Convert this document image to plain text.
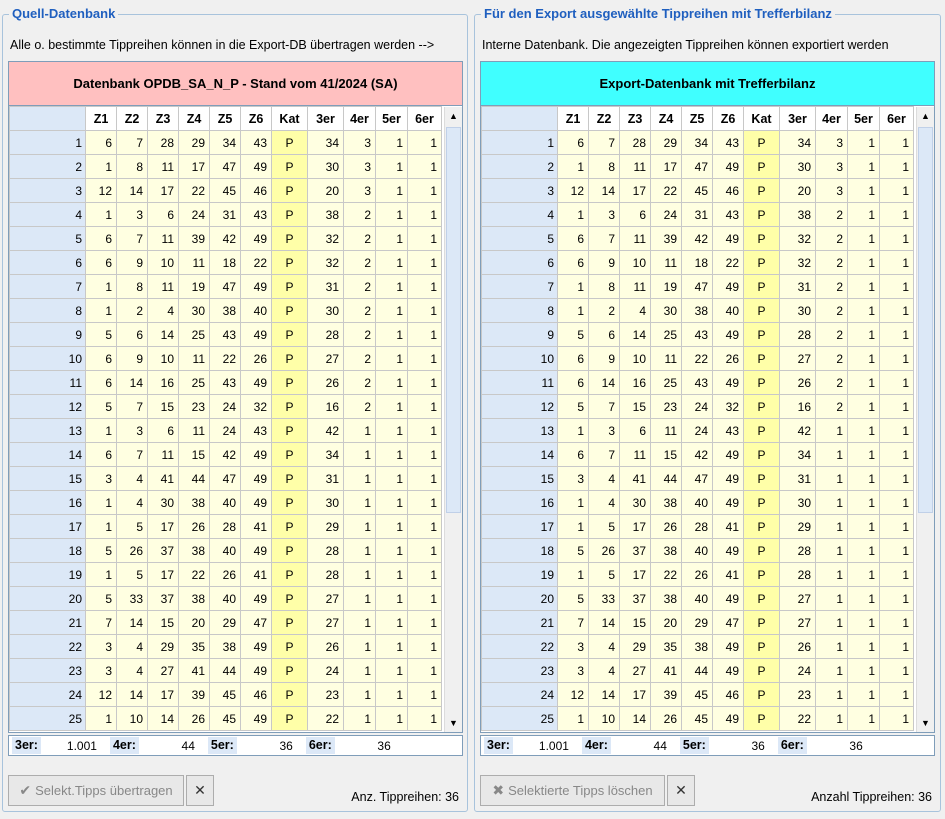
Quell-Datenbank
Alle o. bestimmte Tippreihen können in die Export-DB übertragen werden -->
Datenbank OPDB_SA_N_P - Stand vom 41/2024 (SA)
	Z1	Z2	Z3	Z4	Z5	Z6	Kat	3er	4er	5er	6er
1	6	7	28	29	34	43	P	34	3	1	1
2	1	8	11	17	47	49	P	30	3	1	1
3	12	14	17	22	45	46	P	20	3	1	1
4	1	3	6	24	31	43	P	38	2	1	1
5	6	7	11	39	42	49	P	32	2	1	1
6	6	9	10	11	18	22	P	32	2	1	1
7	1	8	11	19	47	49	P	31	2	1	1
8	1	2	4	30	38	40	P	30	2	1	1
9	5	6	14	25	43	49	P	28	2	1	1
10	6	9	10	11	22	26	P	27	2	1	1
11	6	14	16	25	43	49	P	26	2	1	1
12	5	7	15	23	24	32	P	16	2	1	1
13	1	3	6	11	24	43	P	42	1	1	1
14	6	7	11	15	42	49	P	34	1	1	1
15	3	4	41	44	47	49	P	31	1	1	1
16	1	4	30	38	40	49	P	30	1	1	1
17	1	5	17	26	28	41	P	29	1	1	1
18	5	26	37	38	40	49	P	28	1	1	1
19	1	5	17	22	26	41	P	28	1	1	1
20	5	33	37	38	40	49	P	27	1	1	1
21	7	14	15	20	29	47	P	27	1	1	1
22	3	4	29	35	38	49	P	26	1	1	1
23	3	4	27	41	44	49	P	24	1	1	1
24	12	14	17	39	45	46	P	23	1	1	1
25	1	10	14	26	45	49	P	22	1	1	1
▲
▼
3er:	1.001	4er:	44	5er:	36	6er:	36
✔ Selekt.Tipps übertragen ✕	Anz. Tippreihen: 36
Für den Export ausgewählte Tippreihen mit Trefferbilanz
Interne Datenbank. Die angezeigten Tippreihen können exportiert werden
Export-Datenbank mit Trefferbilanz
	Z1	Z2	Z3	Z4	Z5	Z6	Kat	3er	4er	5er	6er
1	6	7	28	29	34	43	P	34	3	1	1
2	1	8	11	17	47	49	P	30	3	1	1
3	12	14	17	22	45	46	P	20	3	1	1
4	1	3	6	24	31	43	P	38	2	1	1
5	6	7	11	39	42	49	P	32	2	1	1
6	6	9	10	11	18	22	P	32	2	1	1
7	1	8	11	19	47	49	P	31	2	1	1
8	1	2	4	30	38	40	P	30	2	1	1
9	5	6	14	25	43	49	P	28	2	1	1
10	6	9	10	11	22	26	P	27	2	1	1
11	6	14	16	25	43	49	P	26	2	1	1
12	5	7	15	23	24	32	P	16	2	1	1
13	1	3	6	11	24	43	P	42	1	1	1
14	6	7	11	15	42	49	P	34	1	1	1
15	3	4	41	44	47	49	P	31	1	1	1
16	1	4	30	38	40	49	P	30	1	1	1
17	1	5	17	26	28	41	P	29	1	1	1
18	5	26	37	38	40	49	P	28	1	1	1
19	1	5	17	22	26	41	P	28	1	1	1
20	5	33	37	38	40	49	P	27	1	1	1
21	7	14	15	20	29	47	P	27	1	1	1
22	3	4	29	35	38	49	P	26	1	1	1
23	3	4	27	41	44	49	P	24	1	1	1
24	12	14	17	39	45	46	P	23	1	1	1
25	1	10	14	26	45	49	P	22	1	1	1
▲
▼
3er:	1.001	4er:	44	5er:	36	6er:	36
✖ Selektierte Tipps löschen ✕	Anzahl Tippreihen: 36
